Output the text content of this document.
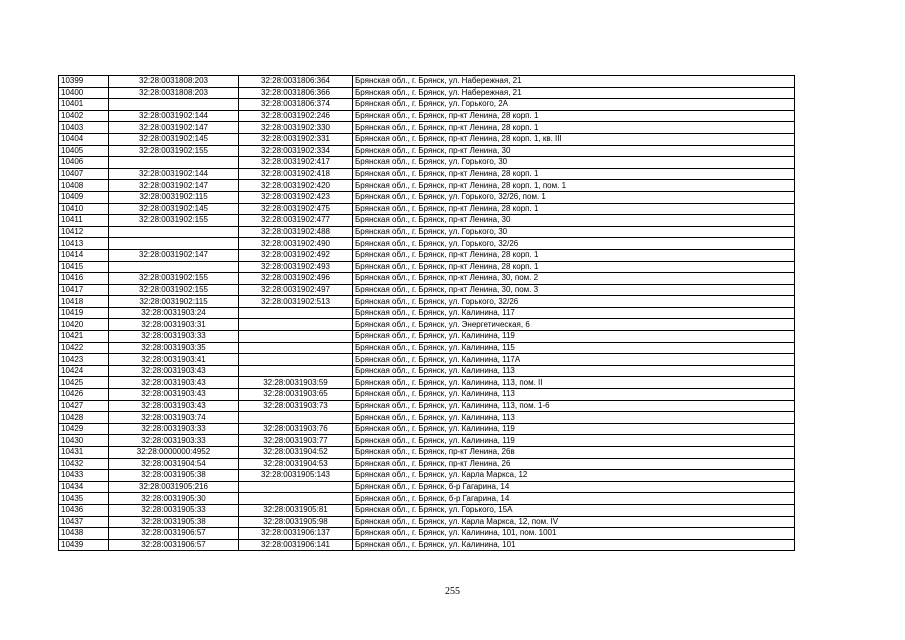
10399	32:28:0031808:203	32:28:0031806:364	Брянская обл., г. Брянск, ул. Набережная, 21
10400	32:28:0031808:203	32:28:0031806:366	Брянская обл., г. Брянск, ул. Набережная, 21
10401		32:28:0031806:374	Брянская обл., г. Брянск, ул. Горького, 2А
10402	32:28:0031902:144	32:28:0031902:246	Брянская обл., г. Брянск, пр-кт Ленина, 28 корп. 1
10403	32:28:0031902:147	32:28:0031902:330	Брянская обл., г. Брянск, пр-кт Ленина, 28 корп. 1
10404	32:28:0031902:145	32:28:0031902:331	Брянская обл., г. Брянск, пр-кт Ленина, 28 корп. 1, кв. III
10405	32:28:0031902:155	32:28:0031902:334	Брянская обл., г. Брянск, пр-кт Ленина, 30
10406		32:28:0031902:417	Брянская обл., г. Брянск, ул. Горького, 30
10407	32:28:0031902:144	32:28:0031902:418	Брянская обл., г. Брянск, пр-кт Ленина, 28 корп. 1
10408	32:28:0031902:147	32:28:0031902:420	Брянская обл., г. Брянск, пр-кт Ленина, 28 корп. 1, пом. 1
10409	32:28:0031902:115	32:28:0031902:423	Брянская обл., г. Брянск, ул. Горького, 32/26, пом. 1
10410	32:28:0031902:145	32:28:0031902:475	Брянская обл., г. Брянск, пр-кт Ленина, 28 корп. 1
10411	32:28:0031902:155	32:28:0031902:477	Брянская обл., г. Брянск, пр-кт Ленина, 30
10412		32:28:0031902:488	Брянская обл., г. Брянск, ул. Горького, 30
10413		32:28:0031902:490	Брянская обл., г. Брянск, ул. Горького, 32/26
10414	32:28:0031902:147	32:28:0031902:492	Брянская обл., г. Брянск, пр-кт Ленина, 28 корп. 1
10415		32:28:0031902:493	Брянская обл., г. Брянск, пр-кт Ленина, 28 корп. 1
10416	32:28:0031902:155	32:28:0031902:496	Брянская обл., г. Брянск, пр-кт Ленина, 30, пом. 2
10417	32:28:0031902:155	32:28:0031902:497	Брянская обл., г. Брянск, пр-кт Ленина, 30, пом. 3
10418	32:28:0031902:115	32:28:0031902:513	Брянская обл., г. Брянск, ул. Горького, 32/26
10419	32:28:0031903:24		Брянская обл., г. Брянск, ул. Калинина, 117
10420	32:28:0031903:31		Брянская обл., г. Брянск, ул. Энергетическая, 6
10421	32:28:0031903:33		Брянская обл., г. Брянск, ул. Калинина, 119
10422	32:28:0031903:35		Брянская обл., г. Брянск, ул. Калинина, 115
10423	32:28:0031903:41		Брянская обл., г. Брянск, ул. Калинина, 117А
10424	32:28:0031903:43		Брянская обл., г. Брянск, ул. Калинина, 113
10425	32:28:0031903:43	32:28:0031903:59	Брянская обл., г. Брянск, ул. Калинина, 113, пом. II
10426	32:28:0031903:43	32:28:0031903:65	Брянская обл., г. Брянск, ул. Калинина, 113
10427	32:28:0031903:43	32:28:0031903:73	Брянская обл., г. Брянск, ул. Калинина, 113, пом. 1-6
10428	32:28:0031903:74		Брянская обл., г. Брянск, ул. Калинина, 113
10429	32:28:0031903:33	32:28:0031903:76	Брянская обл., г. Брянск, ул. Калинина, 119
10430	32:28:0031903:33	32:28:0031903:77	Брянская обл., г. Брянск, ул. Калинина, 119
10431	32:28:0000000:4952	32:28:0031904:52	Брянская обл., г. Брянск, пр-кт Ленина, 26в
10432	32:28:0031904:54	32:28:0031904:53	Брянская обл., г. Брянск, пр-кт Ленина, 26
10433	32:28:0031905:38	32:28:0031905:143	Брянская обл., г. Брянск, ул. Карла Маркса, 12
10434	32:28:0031905:216		Брянская обл., г. Брянск, б-р Гагарина, 14
10435	32:28:0031905:30		Брянская обл., г. Брянск, б-р Гагарина, 14
10436	32:28:0031905:33	32:28:0031905:81	Брянская обл., г. Брянск, ул. Горького, 15А
10437	32:28:0031905:38	32:28:0031905:98	Брянская обл., г. Брянск, ул. Карла Маркса, 12, пом. IV
10438	32:28:0031906:57	32:28:0031906:137	Брянская обл., г. Брянск, ул. Калинина, 101, пом. 1001
10439	32:28:0031906:57	32:28:0031906:141	Брянская обл., г. Брянск, ул. Калинина, 101
255
